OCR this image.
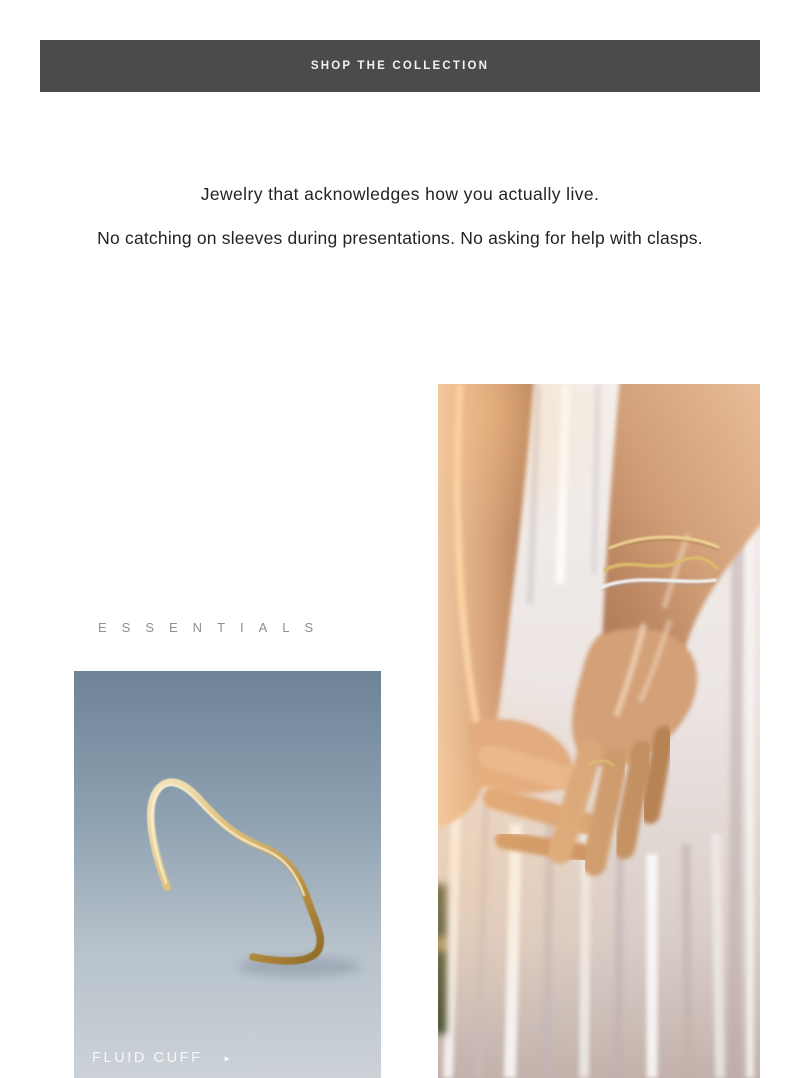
SHOP THE COLLECTION

Jewelry that acknowledges how you actually live.

No catching on sleeves during presentations. No asking for help with clasps.

ESSENTIALS
FLUID CUFF ▸
